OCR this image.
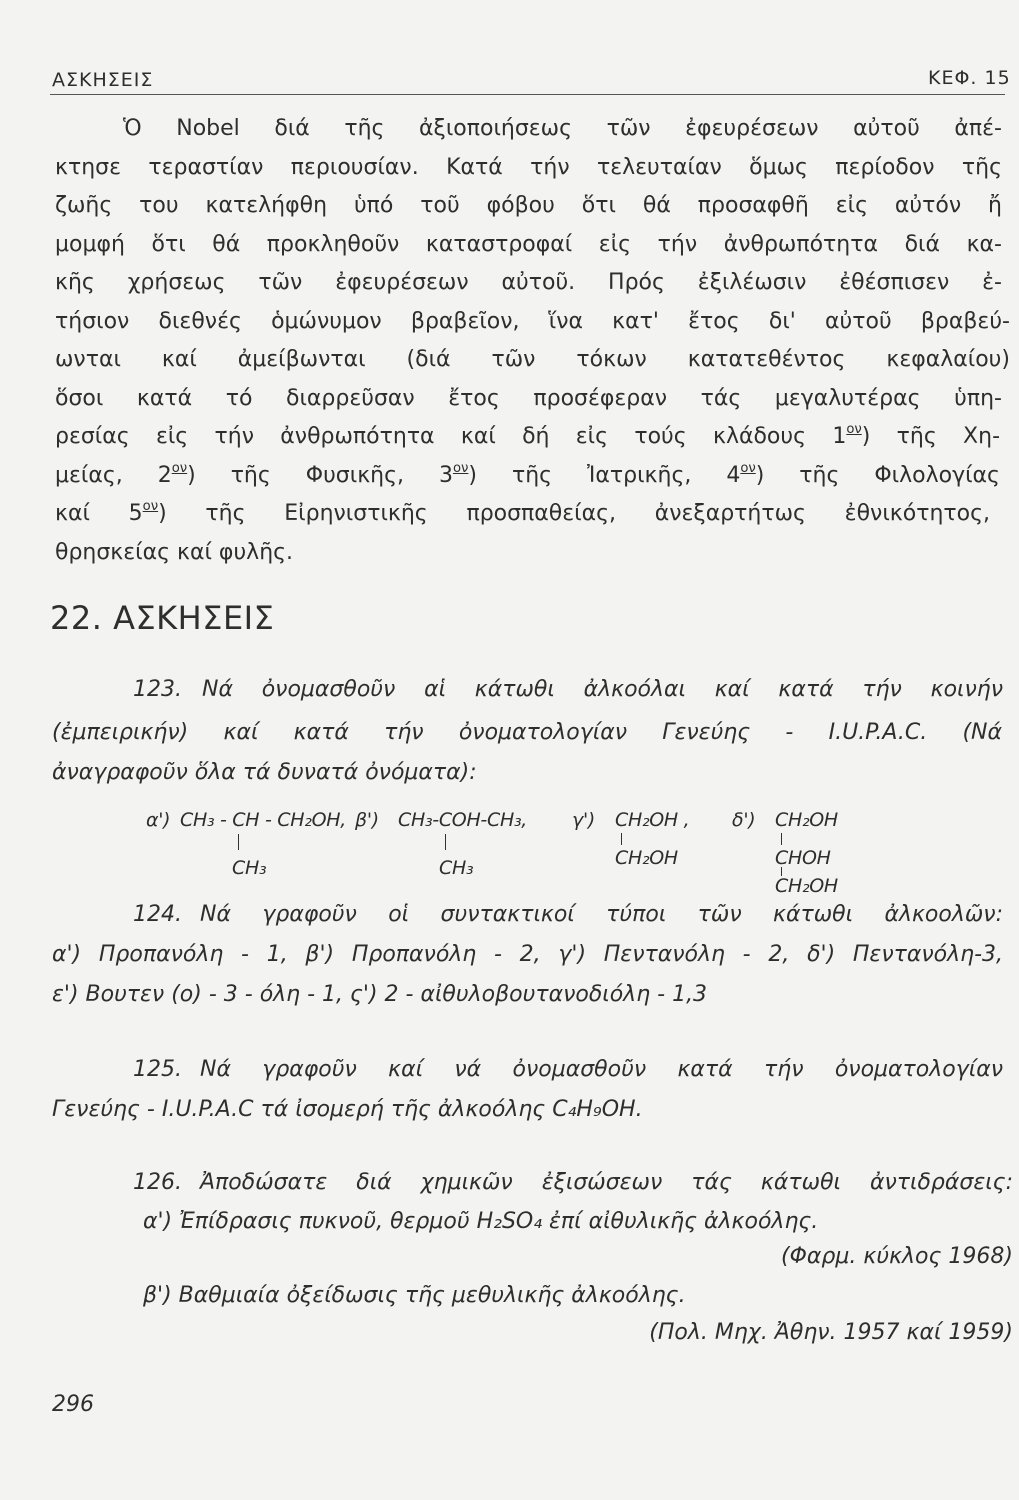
ΑΣΚΗΣΕΙΣ	ΚΕΦ. 15
Ὁ Nobel διά τῆς ἀξιοποιήσεως τῶν ἐφευρέσεων αὐτοῦ ἀπέ-
κτησε τεραστίαν περιουσίαν. Κατά τήν τελευταίαν ὅμως περίοδον τῆς
ζωῆς του κατελήφθη ὑπό τοῦ φόβου ὅτι θά προσαφθῆ εἰς αὐτόν ἤ
μομφή ὅτι θά προκληθοῦν καταστροφαί εἰς τήν ἀνθρωπότητα διά κα-
κῆς χρήσεως τῶν ἐφευρέσεων αὐτοῦ. Πρός ἐξιλέωσιν ἐθέσπισεν ἐ-
τήσιον διεθνές ὁμώνυμον βραβεῖον, ἵνα κατ' ἔτος δι' αὐτοῦ βραβεύ-
ωνται καί ἀμείβωνται (διά τῶν τόκων κατατεθέντος κεφαλαίου)
ὅσοι κατά τό διαρρεῦσαν ἔτος προσέφεραν τάς μεγαλυτέρας ὑπη-
ρεσίας εἰς τήν ἀνθρωπότητα καί δή εἰς τούς κλάδους $1^{o\nu}$) τῆς Χη-
μείας, $2^{o\nu}$) τῆς Φυσικῆς, $3^{o\nu}$) τῆς Ἰατρικῆς, $4^{o\nu}$) τῆς Φιλολογίας
καί $5^{o\nu}$) τῆς Εἰρηνιστικῆς προσπαθείας, ἀνεξαρτήτως ἐθνικότητος,
θρησκείας καί φυλῆς.
22. ΑΣΚΗΣΕΙΣ
123. Νά ὀνομασθοῦν αἱ κάτωθι ἀλκοόλαι καί κατά τήν κοινήν
(ἐμπειρικήν) καί κατά τήν ὀνοματολογίαν Γενεύης - I.U.P.A.C. (Νά
ἀναγραφοῦν ὅλα τά δυνατά ὀνόματα):
α') CH₃ - CH - CH₂OH,
CH₃
β') CH₃-COH-CH₃,
CH₃
γ') CH₂OH ,
CH₂OH
δ') CH₂OH
CHOH
CH₂OH
124. Νά γραφοῦν οἱ συντακτικοί τύποι τῶν κάτωθι ἀλκοολῶν:
α') Προπανόλη - 1, β') Προπανόλη - 2, γ') Πεντανόλη - 2, δ') Πεντανόλη-3,
ε') Βουτεν (ο) - 3 - όλη - 1, ς') 2 - αἰθυλοβουτανοδιόλη - 1,3
125. Νά γραφοῦν καί νά ὀνομασθοῦν κατά τήν ὀνοματολογίαν
Γενεύης - I.U.P.A.C τά ἰσομερή τῆς ἀλκοόλης C₄H₉OH.
126. Ἀποδώσατε διά χημικῶν ἐξισώσεων τάς κάτωθι ἀντιδράσεις:
α') Ἐπίδρασις πυκνοῦ, θερμοῦ H₂SO₄ ἐπί αἰθυλικῆς ἀλκοόλης.
(Φαρμ. κύκλος 1968)
β') Βαθμιαία ὀξείδωσις τῆς μεθυλικῆς ἀλκοόλης.
(Πολ. Μηχ. Ἀθην. 1957 καί 1959)
296
